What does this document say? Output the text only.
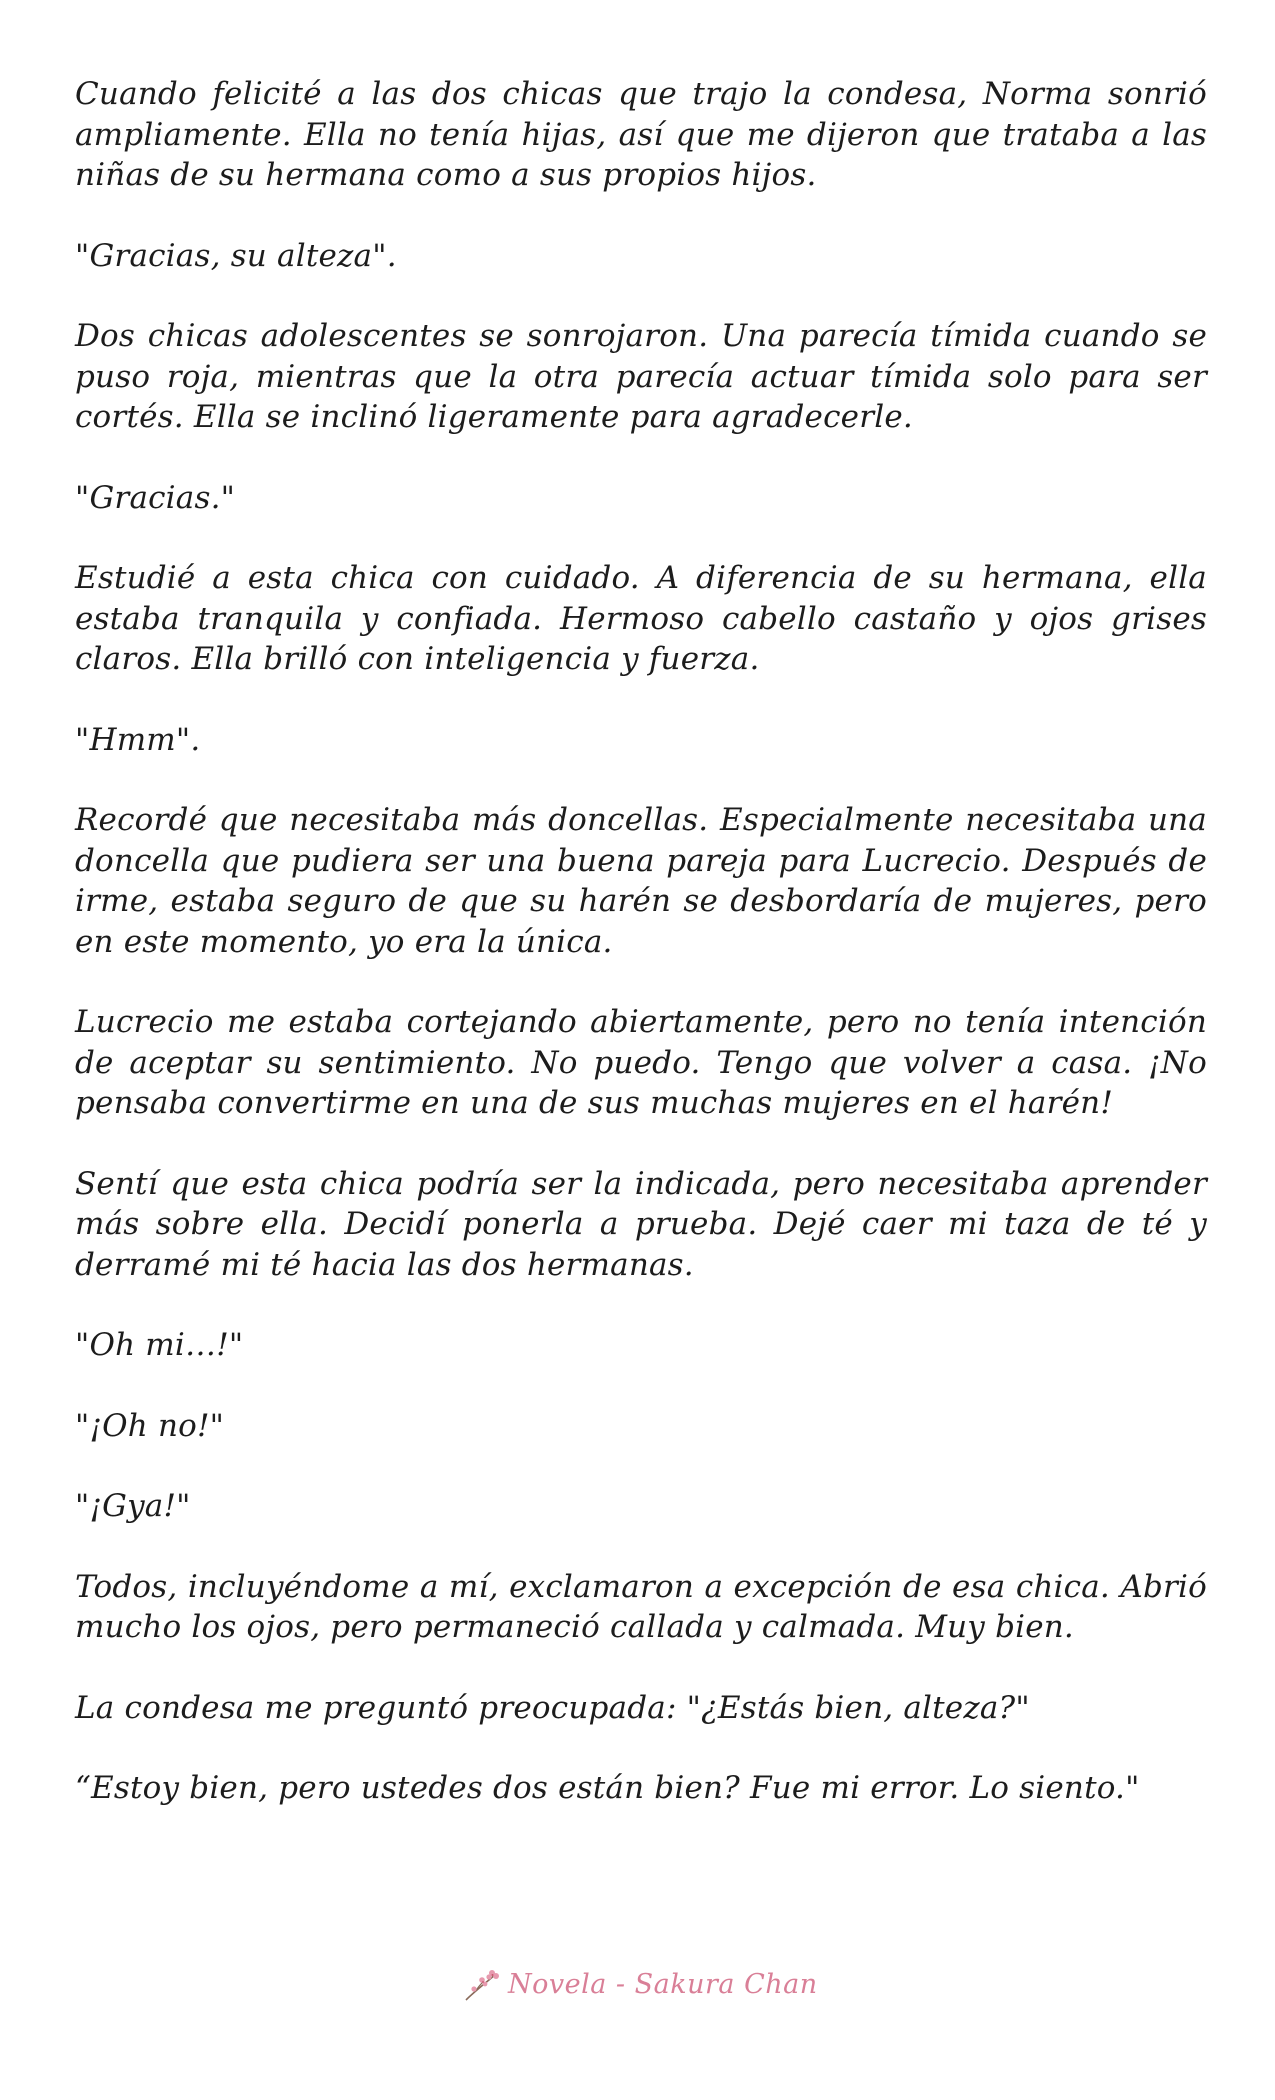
Cuando felicité a las dos chicas que trajo la condesa, Norma sonrió ampliamente. Ella no tenía hijas, así que me dijeron que trataba a las niñas de su hermana como a sus propios hijos.

"Gracias, su alteza".

Dos chicas adolescentes se sonrojaron. Una parecía tímida cuando se puso roja, mientras que la otra parecía actuar tímida solo para ser cortés. Ella se inclinó ligeramente para agradecerle.

"Gracias."

Estudié a esta chica con cuidado. A diferencia de su hermana, ella estaba tranquila y confiada. Hermoso cabello castaño y ojos grises claros. Ella brilló con inteligencia y fuerza.

"Hmm".

Recordé que necesitaba más doncellas. Especialmente necesitaba una doncella que pudiera ser una buena pareja para Lucrecio. Después de irme, estaba seguro de que su harén se desbordaría de mujeres, pero en este momento, yo era la única.

Lucrecio me estaba cortejando abiertamente, pero no tenía intención de aceptar su sentimiento. No puedo. Tengo que volver a casa. ¡No pensaba convertirme en una de sus muchas mujeres en el harén!

Sentí que esta chica podría ser la indicada, pero necesitaba aprender más sobre ella. Decidí ponerla a prueba. Dejé caer mi taza de té y derramé mi té hacia las dos hermanas.

"Oh mi…!"

"¡Oh no!"

"¡Gya!"

Todos, incluyéndome a mí, exclamaron a excepción de esa chica. Abrió mucho los ojos, pero permaneció callada y calmada. Muy bien.

La condesa me preguntó preocupada: "¿Estás bien, alteza?"

“Estoy bien, pero ustedes dos están bien? Fue mi error. Lo siento."

Novela - Sakura Chan
